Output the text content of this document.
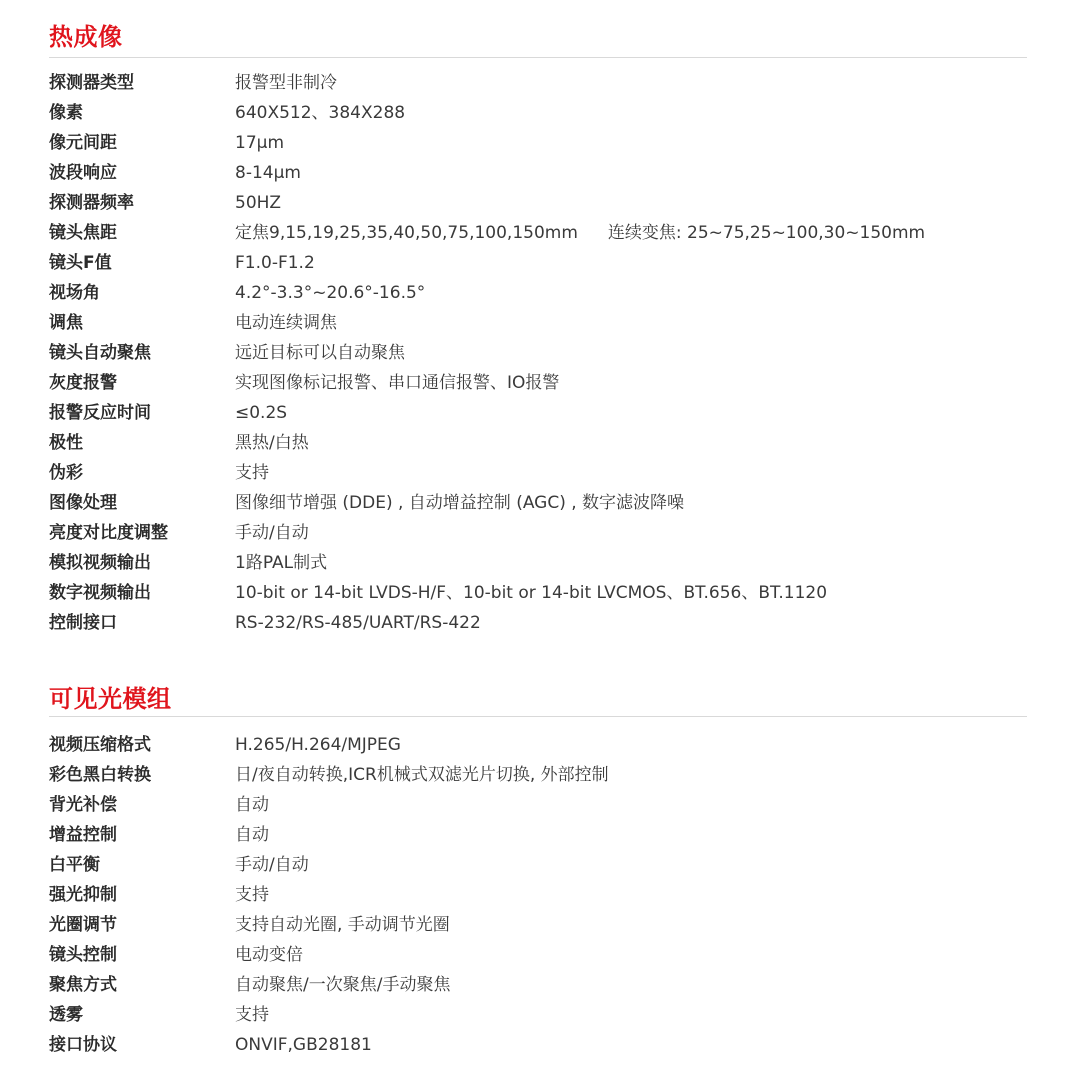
热成像
探测器类型	报警型非制冷
像素	640X512、384X288
像元间距	17μm
波段响应	8-14μm
探测器频率	50HZ
镜头焦距	定焦9,15,19,25,35,40,50,75,100,150mm 连续变焦: 25~75,25~100,30~150mm
镜头F值	F1.0-F1.2
视场角	4.2°-3.3°~20.6°-16.5°
调焦	电动连续调焦
镜头自动聚焦	远近目标可以自动聚焦
灰度报警	实现图像标记报警、串口通信报警、IO报警
报警反应时间	≤0.2S
极性	黑热/白热
伪彩	支持
图像处理	图像细节增强 (DDE) , 自动增益控制 (AGC) , 数字滤波降噪
亮度对比度调整	手动/自动
模拟视频输出	1路PAL制式
数字视频输出	10-bit or 14-bit LVDS-H/F、10-bit or 14-bit LVCMOS、BT.656、BT.1120
控制接口	RS-232/RS-485/UART/RS-422
可见光模组
视频压缩格式	H.265/H.264/MJPEG
彩色黑白转换	日/夜自动转换,ICR机械式双滤光片切换, 外部控制
背光补偿	自动
增益控制	自动
白平衡	手动/自动
强光抑制	支持
光圈调节	支持自动光圈, 手动调节光圈
镜头控制	电动变倍
聚焦方式	自动聚焦/一次聚焦/手动聚焦
透雾	支持
接口协议	ONVIF,GB28181
